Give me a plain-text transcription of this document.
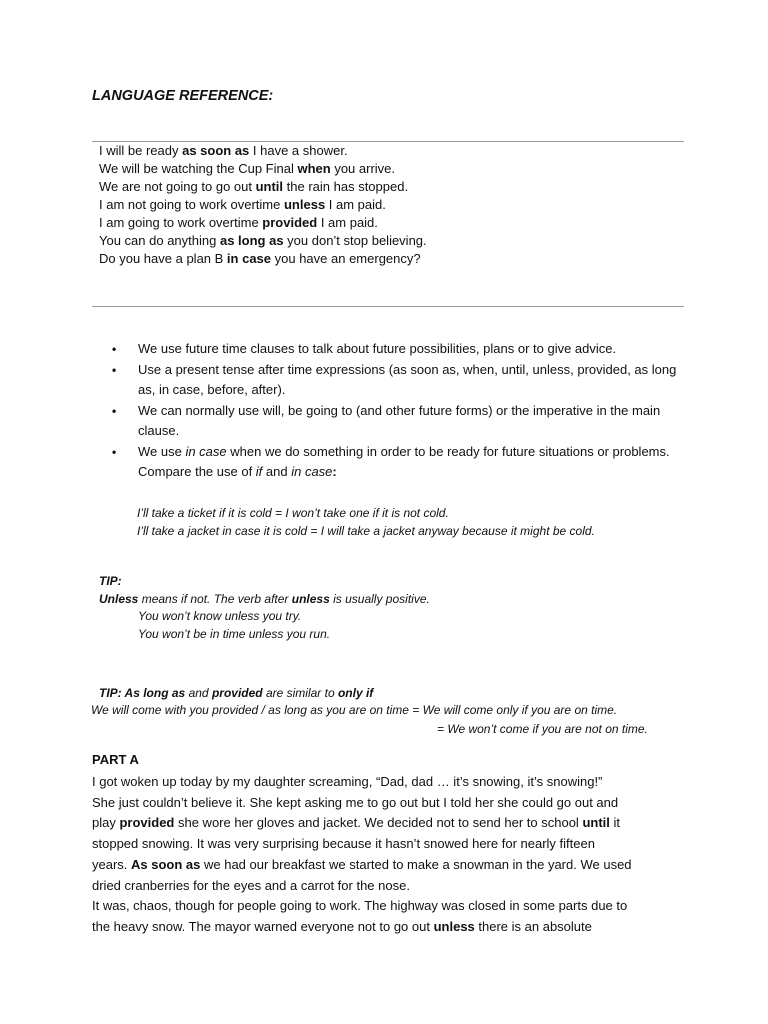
LANGUAGE REFERENCE:
I will be ready as soon as I have a shower.
We will be watching the Cup Final when you arrive.
We are not going to go out until the rain has stopped.
I am not going to work overtime unless I am paid.
I am going to work overtime provided I am paid.
You can do anything as long as you don’t stop believing.
Do you have a plan B in case you have an emergency?
•	We use future time clauses to talk about future possibilities, plans or to give advice.
•	Use a present tense after time expressions (as soon as, when, until, unless, provided, as long as, in case, before, after).
•	We can normally use will, be going to (and other future forms) or the imperative in the main clause.
•	We use in case when we do something in order to be ready for future situations or problems. Compare the use of if and in case:
I’ll take a ticket if it is cold = I won’t take one if it is not cold.
I’ll take a jacket in case it is cold = I will take a jacket anyway because it might be cold.
TIP:
Unless means if not. The verb after unless is usually positive.
You won’t know unless you try.
You won’t be in time unless you run.
TIP: As long as and provided are similar to only if
We will come with you provided / as long as you are on time = We will come only if you are on time.
= We won’t come if you are not on time.
PART A
I got woken up today by my daughter screaming, “Dad, dad … it’s snowing, it’s snowing!”
She just couldn’t believe it. She kept asking me to go out but I told her she could go out and
play provided she wore her gloves and jacket. We decided not to send her to school until it
stopped snowing. It was very surprising because it hasn’t snowed here for nearly fifteen
years. As soon as we had our breakfast we started to make a snowman in the yard. We used
dried cranberries for the eyes and a carrot for the nose.
It was, chaos, though for people going to work. The highway was closed in some parts due to
the heavy snow. The mayor warned everyone not to go out unless there is an absolute
